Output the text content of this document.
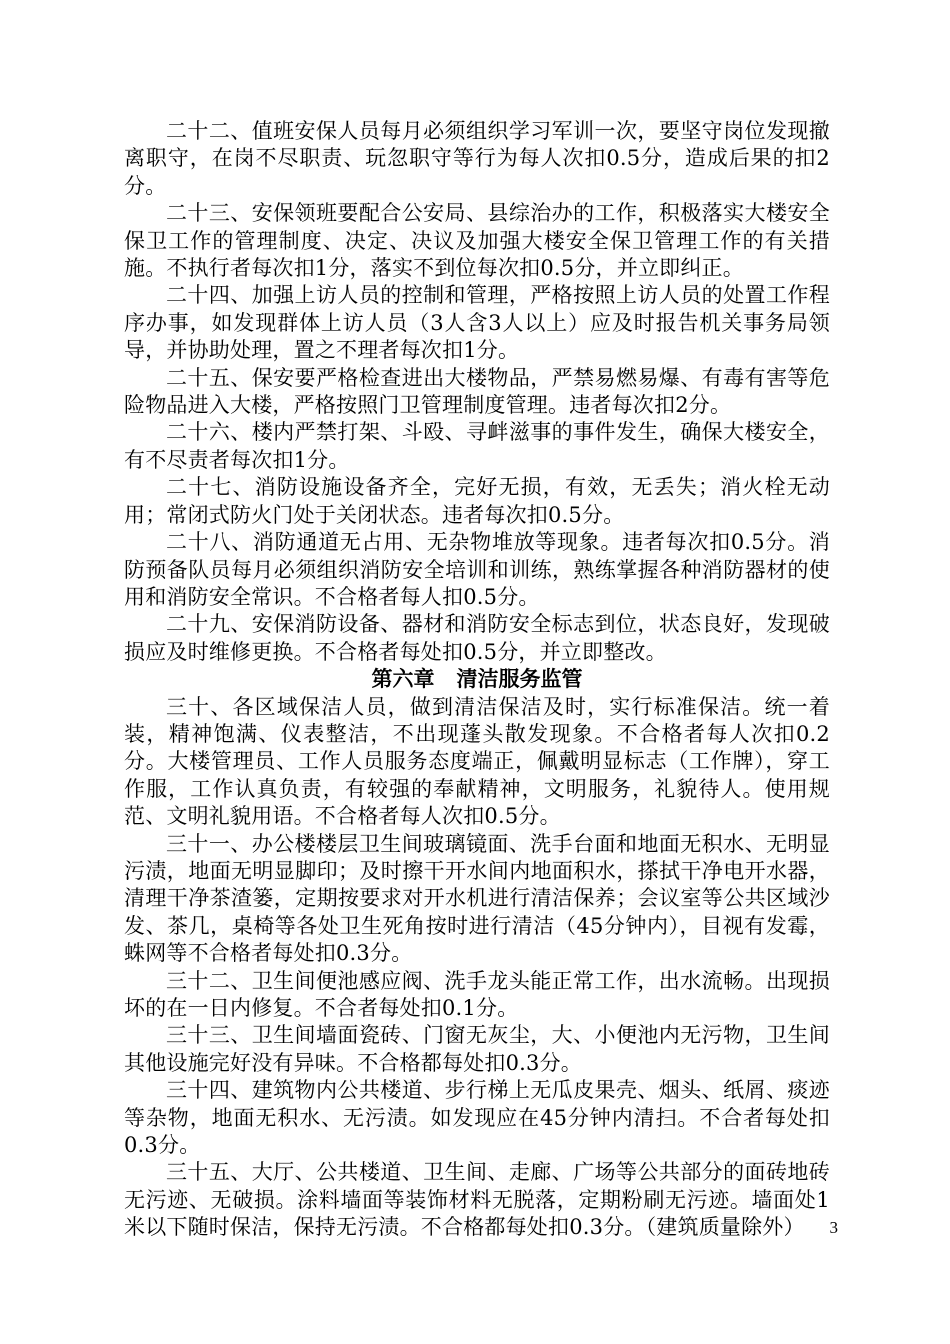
二十二、值班安保人员每月必须组织学习军训一次，要坚守岗位发现撤离职守，在岗不尽职责、玩忽职守等行为每人次扣0.5分，造成后果的扣2分。

二十三、安保领班要配合公安局、县综治办的工作，积极落实大楼安全保卫工作的管理制度、决定、决议及加强大楼安全保卫管理工作的有关措施。不执行者每次扣1分，落实不到位每次扣0.5分，并立即纠正。

二十四、加强上访人员的控制和管理，严格按照上访人员的处置工作程序办事，如发现群体上访人员（3人含3人以上）应及时报告机关事务局领导，并协助处理，置之不理者每次扣1分。

二十五、保安要严格检查进出大楼物品，严禁易燃易爆、有毒有害等危险物品进入大楼，严格按照门卫管理制度管理。违者每次扣2分。

二十六、楼内严禁打架、斗殴、寻衅滋事的事件发生，确保大楼安全，有不尽责者每次扣1分。

二十七、消防设施设备齐全，完好无损，有效，无丢失；消火栓无动用；常闭式防火门处于关闭状态。违者每次扣0.5分。

二十八、消防通道无占用、无杂物堆放等现象。违者每次扣0.5分。消防预备队员每月必须组织消防安全培训和训练，熟练掌握各种消防器材的使用和消防安全常识。不合格者每人扣0.5分。

二十九、安保消防设备、器材和消防安全标志到位，状态良好，发现破损应及时维修更换。不合格者每处扣0.5分，并立即整改。

第六章 清洁服务监管

三十、各区域保洁人员，做到清洁保洁及时，实行标准保洁。统一着装，精神饱满、仪表整洁，不出现蓬头散发现象。不合格者每人次扣0.2分。大楼管理员、工作人员服务态度端正，佩戴明显标志（工作牌），穿工作服，工作认真负责，有较强的奉献精神，文明服务，礼貌待人。使用规范、文明礼貌用语。不合格者每人次扣0.5分。

三十一、办公楼楼层卫生间玻璃镜面、洗手台面和地面无积水、无明显污渍，地面无明显脚印；及时擦干开水间内地面积水，搽拭干净电开水器，清理干净茶渣篓，定期按要求对开水机进行清洁保养；会议室等公共区域沙发、茶几，桌椅等各处卫生死角按时进行清洁（45分钟内），目视有发霉，蛛网等不合格者每处扣0.3分。

三十二、卫生间便池感应阀、洗手龙头能正常工作，出水流畅。出现损坏的在一日内修复。不合者每处扣0.1分。

三十三、卫生间墙面瓷砖、门窗无灰尘，大、小便池内无污物，卫生间其他设施完好没有异味。不合格都每处扣0.3分。

三十四、建筑物内公共楼道、步行梯上无瓜皮果壳、烟头、纸屑、痰迹等杂物，地面无积水、无污渍。如发现应在45分钟内清扫。不合者每处扣0.3分。

三十五、大厅、公共楼道、卫生间、走廊、广场等公共部分的面砖地砖无污迹、无破损。涂料墙面等装饰材料无脱落，定期粉刷无污迹。墙面处1米以下随时保洁，保持无污渍。不合格都每处扣0.3分。（建筑质量除外）	3
